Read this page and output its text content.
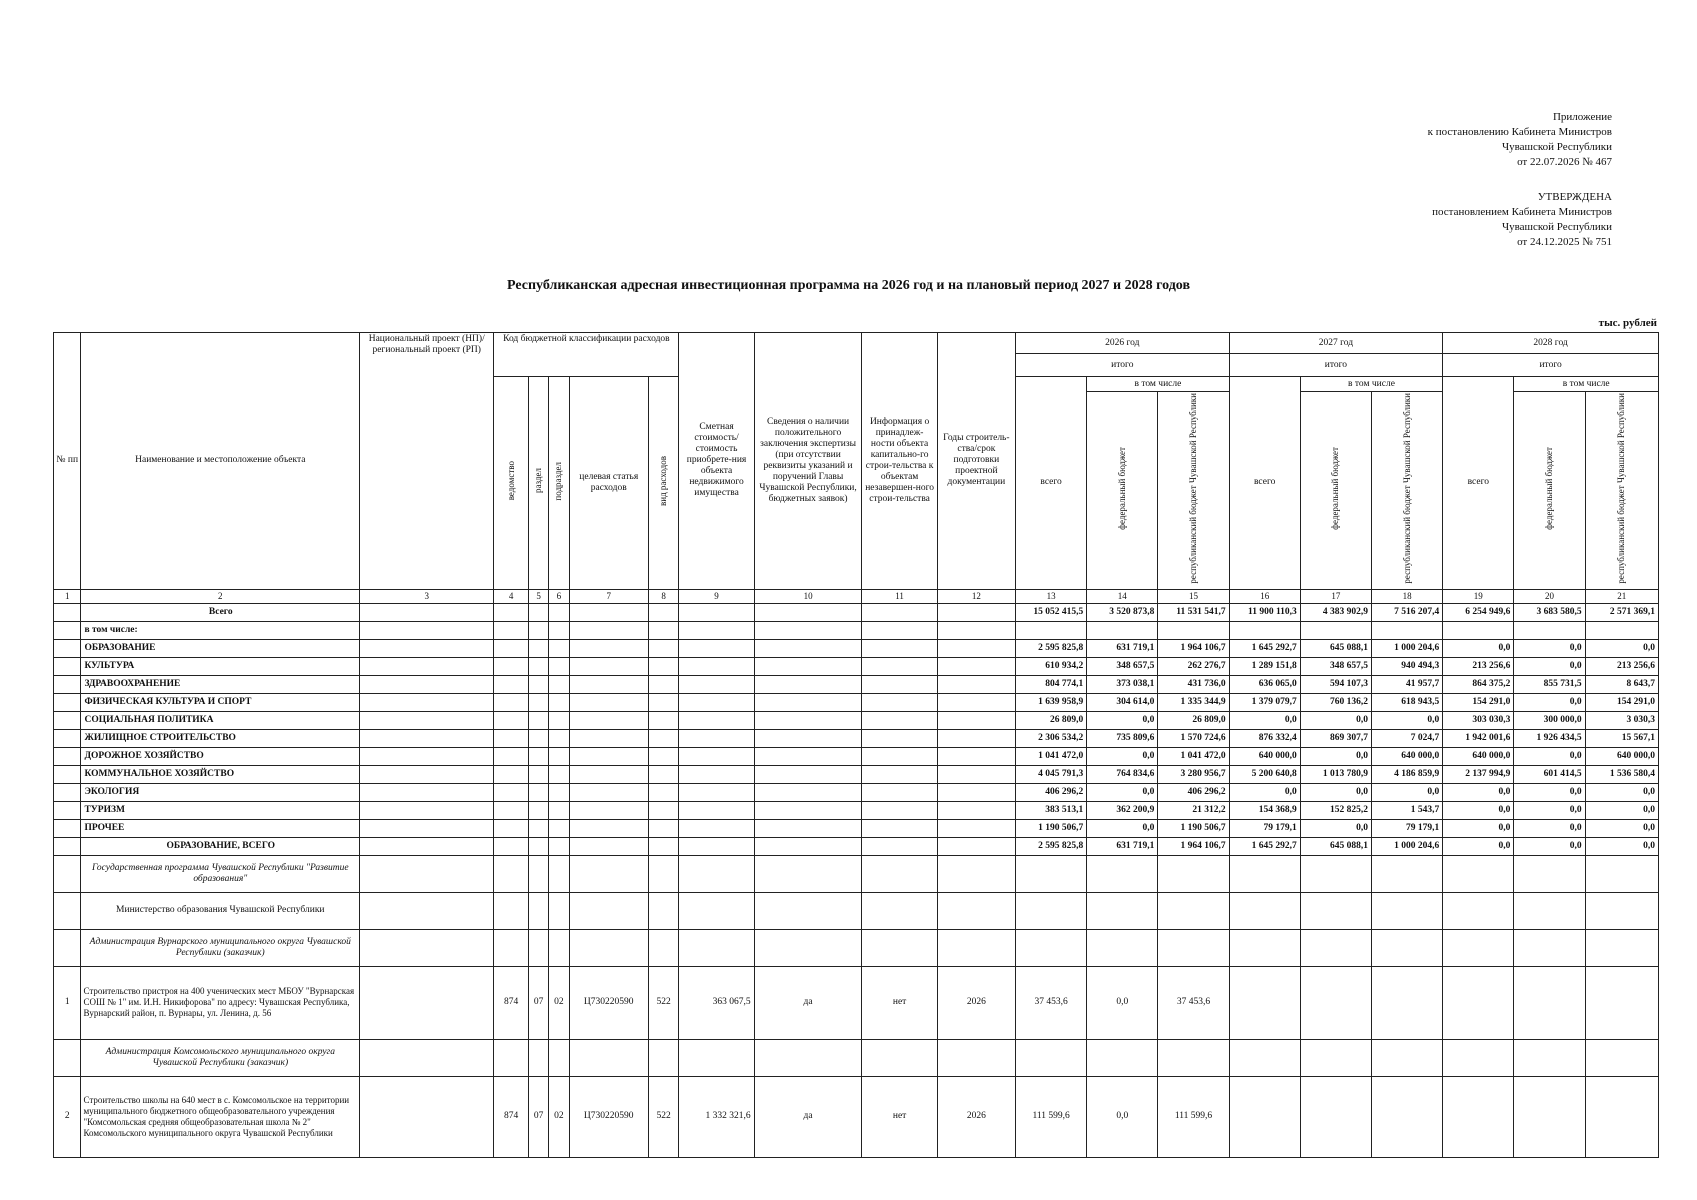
Приложение
к постановлению Кабинета Министров
Чувашской Республики
от 22.07.2026 № 467
УТВЕРЖДЕНА
постановлением Кабинета Министров
Чувашской Республики
от 24.12.2025 № 751
Республиканская адресная инвестиционная программа на 2026 год и на плановый период 2027 и 2028 годов
тыс. рублей
№ пп	Наименование и местоположение объекта	Национальный проект (НП)/ региональный проект (РП)	Код бюджетной классификации расходов					Сметная стоимость/ стоимость приобрете-ния объекта недвижимого имущества	Сведения о наличии положительного заключения экспертизы (при отсутствии реквизиты указаний и поручений Главы Чувашской Республики, бюджетных заявок)	Информация о принадлеж-ности объекта капитально-го строи-тельства к объектам незавершен-ного строи-тельства	Годы строитель-ства/срок подготовки проектной документации	2026 год			2027 год			2028 год		
												итого			итого			итого		
			ведомство	раздел	подраздел	целевая статья расходов	вид расходов					всего	в том числе		всего	в том числе		всего	в том числе	
													федеральный бюджет	республиканский бюджет Чувашской Республики		федеральный бюджет	республиканский бюджет Чувашской Республики		федеральный бюджет	республиканский бюджет Чувашской Республики
1	2	3	4	5	6	7	8	9	10	11	12	13	14	15	16	17	18	19	20	21
	Всего											15 052 415,5	3 520 873,8	11 531 541,7	11 900 110,3	4 383 902,9	7 516 207,4	6 254 949,6	3 683 580,5	2 571 369,1
	в том числе:																			
	ОБРАЗОВАНИЕ											2 595 825,8	631 719,1	1 964 106,7	1 645 292,7	645 088,1	1 000 204,6	0,0	0,0	0,0
	КУЛЬТУРА											610 934,2	348 657,5	262 276,7	1 289 151,8	348 657,5	940 494,3	213 256,6	0,0	213 256,6
	ЗДРАВООХРАНЕНИЕ											804 774,1	373 038,1	431 736,0	636 065,0	594 107,3	41 957,7	864 375,2	855 731,5	8 643,7
	ФИЗИЧЕСКАЯ КУЛЬТУРА И СПОРТ											1 639 958,9	304 614,0	1 335 344,9	1 379 079,7	760 136,2	618 943,5	154 291,0	0,0	154 291,0
	СОЦИАЛЬНАЯ ПОЛИТИКА											26 809,0	0,0	26 809,0	0,0	0,0	0,0	303 030,3	300 000,0	3 030,3
	ЖИЛИЩНОЕ СТРОИТЕЛЬСТВО											2 306 534,2	735 809,6	1 570 724,6	876 332,4	869 307,7	7 024,7	1 942 001,6	1 926 434,5	15 567,1
	ДОРОЖНОЕ ХОЗЯЙСТВО											1 041 472,0	0,0	1 041 472,0	640 000,0	0,0	640 000,0	640 000,0	0,0	640 000,0
	КОММУНАЛЬНОЕ ХОЗЯЙСТВО											4 045 791,3	764 834,6	3 280 956,7	5 200 640,8	1 013 780,9	4 186 859,9	2 137 994,9	601 414,5	1 536 580,4
	ЭКОЛОГИЯ											406 296,2	0,0	406 296,2	0,0	0,0	0,0	0,0	0,0	0,0
	ТУРИЗМ											383 513,1	362 200,9	21 312,2	154 368,9	152 825,2	1 543,7	0,0	0,0	0,0
	ПРОЧЕЕ											1 190 506,7	0,0	1 190 506,7	79 179,1	0,0	79 179,1	0,0	0,0	0,0
	ОБРАЗОВАНИЕ, ВСЕГО											2 595 825,8	631 719,1	1 964 106,7	1 645 292,7	645 088,1	1 000 204,6	0,0	0,0	0,0
	Государственная программа Чувашской Республики "Развитие образования"																			
	Министерство образования Чувашской Республики																			
	Администрация Вурнарского муниципального округа Чувашской Республики (заказчик)																			
1	Строительство пристроя на 400 ученических мест МБОУ "Вурнарская СОШ № 1" им. И.Н. Никифорова" по адресу: Чувашская Республика, Вурнарский район, п. Вурнары, ул. Ленина, д. 56		874	07	02	Ц730220590	522	363 067,5	да	нет	2026	37 453,6	0,0	37 453,6						
	Администрация Комсомольского муниципального округа Чувашской Республики (заказчик)																			
2	Строительство школы на 640 мест в с. Комсомольское на территории муниципального бюджетного общеобразовательного учреждения "Комсомольская средняя общеобразовательная школа № 2" Комсомольского муниципального округа Чувашской Республики		874	07	02	Ц730220590	522	1 332 321,6	да	нет	2026	111 599,6	0,0	111 599,6						
